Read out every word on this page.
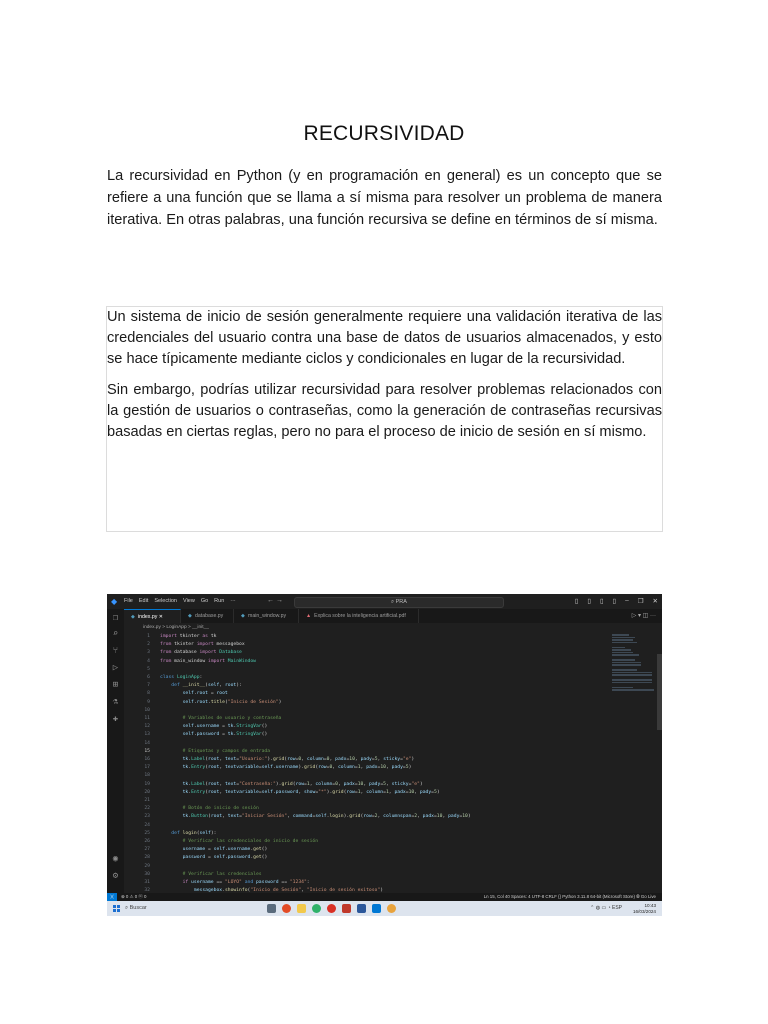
RECURSIVIDAD
La recursividad en Python (y en programación en general) es un concepto que se refiere a una función que se llama a sí misma para resolver un problema de manera iterativa. En otras palabras, una función recursiva se define en términos de sí misma.

Un sistema de inicio de sesión generalmente requiere una validación iterativa de las credenciales del usuario contra una base de datos de usuarios almacenados, y esto se hace típicamente mediante ciclos y condicionales en lugar de la recursividad.

Sin embargo, podrías utilizar recursividad para resolver problemas relacionados con la gestión de usuarios o contraseñas, como la generación de contraseñas recursivas basadas en ciertas reglas, pero no para el proceso de inicio de sesión en sí mismo.

◆	File Edit Selection View Go Run ···	← →	⌕ PRA	▯ ▯ ▯ ▯ – ❐ ✕
❐
⌕
⑂
▷
⊞
⚗
✚
◉
⚙
▷ ▾ ◫ ···
◆ index.py ✕	◆ database.py	◆ main_window.py	▲ Explica sobre la inteligencia artificial.pdf
index.py > LoginApp > __init__
1 import tkinter as tk
2 from tkinter import messagebox
3 from database import Database
4 from main_window import MainWindow
5
6 class LoginApp:
7	def __init__(self, root):
8	self.root = root
9	self.root.title("Inicio de Sesión")
10
11	# Variables de usuario y contraseña
12	self.username = tk.StringVar()
13	self.password = tk.StringVar()
14
15	# Etiquetas y campos de entrada
16	tk.Label(root, text="Usuario:").grid(row=0, column=0, padx=10, pady=5, sticky="e")
17	tk.Entry(root, textvariable=self.username).grid(row=0, column=1, padx=10, pady=5)
18
19	tk.Label(root, text="Contraseña:").grid(row=1, column=0, padx=10, pady=5, sticky="e")
20	tk.Entry(root, textvariable=self.password, show="*").grid(row=1, column=1, padx=10, pady=5)
21
22	# Botón de inicio de sesión
23	tk.Button(root, text="Iniciar Sesión", command=self.login).grid(row=2, columnspan=2, padx=10, pady=10)
24
25	def login(self):
26	# Verificar las credenciales de inicio de sesión
27	username = self.username.get()
28	password = self.password.get()
29
30	# Verificar las credenciales
31	if username == "LOYO" and password == "1234":
32	messagebox.showinfo("Inicio de Sesión", "Inicio de sesión exitoso")
⟩⟨	⊗ 0 ⚠ 0 ⓦ 0	Ln 15, Col 40 Spaces: 4 UTF-8 CRLF {} Python 3.11.8 64-bit (Microsoft Store) ⦾ Go Live
⌕ Buscar	⌃ ◍ ▭ ◔ ESP	10:43
16/03/2024
